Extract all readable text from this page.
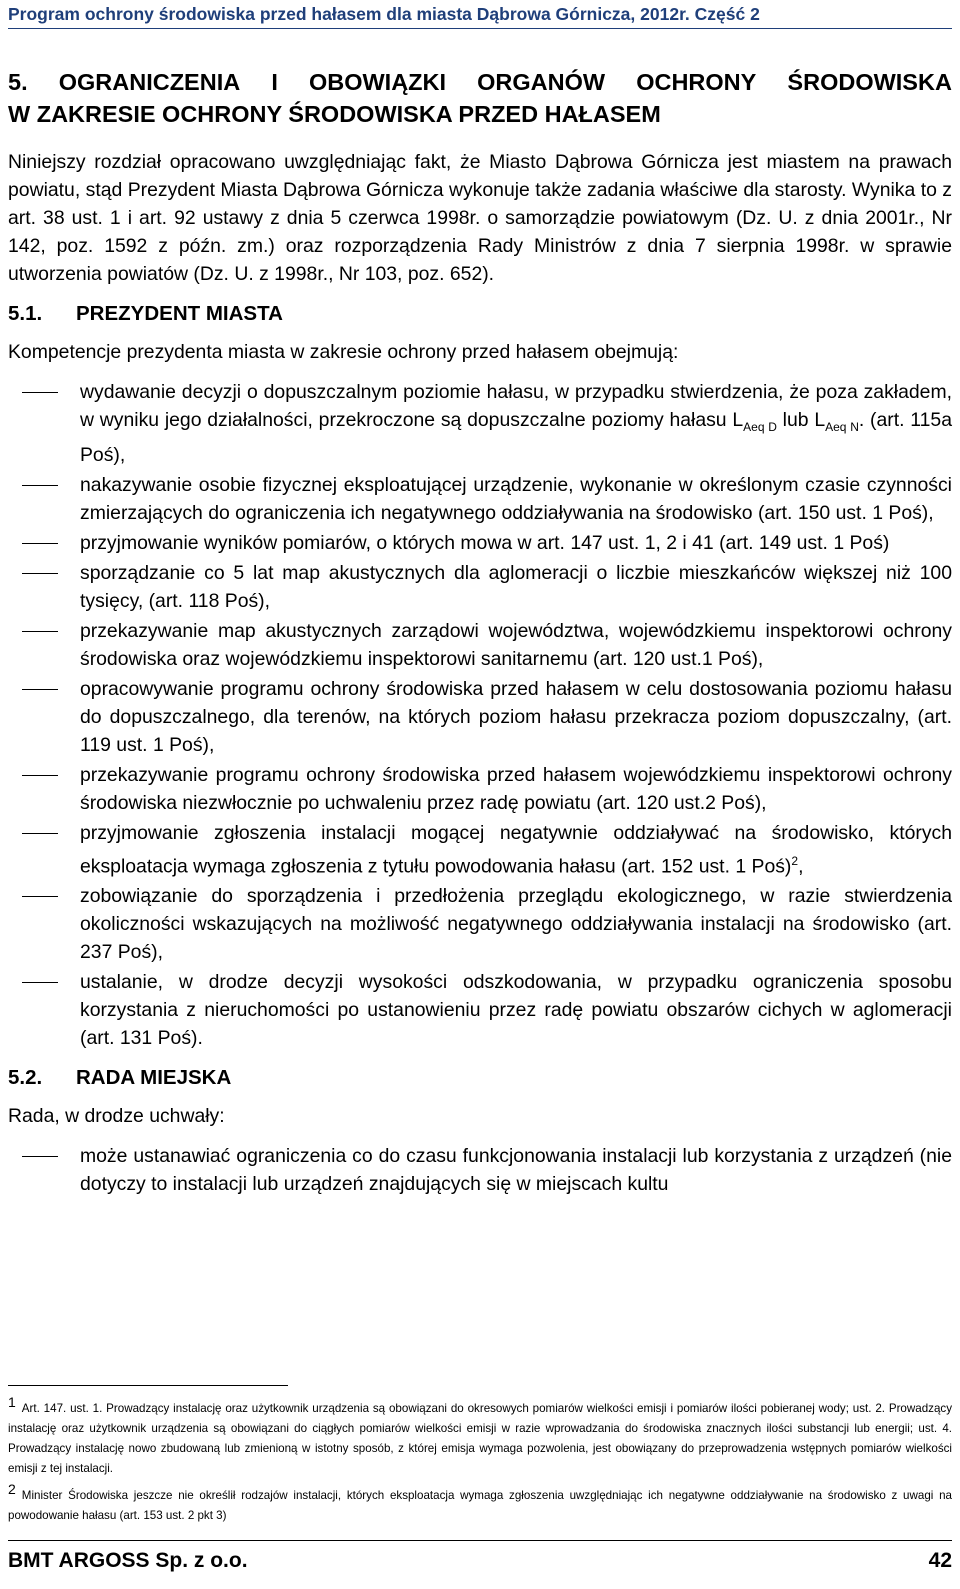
Program ochrony środowiska przed hałasem dla miasta Dąbrowa Górnicza, 2012r. Część 2
5. OGRANICZENIA I OBOWIĄZKI ORGANÓW OCHRONY ŚRODOWISKA
W ZAKRESIE OCHRONY ŚRODOWISKA PRZED HAŁASEM
Niniejszy rozdział opracowano uwzględniając fakt, że Miasto Dąbrowa Górnicza jest miastem na prawach powiatu, stąd Prezydent Miasta Dąbrowa Górnicza wykonuje także zadania właściwe dla starosty. Wynika to z art. 38 ust. 1 i art. 92 ustawy z dnia 5 czerwca 1998r. o samorządzie powiatowym (Dz. U. z dnia 2001r., Nr 142, poz. 1592 z późn. zm.) oraz rozporządzenia Rady Ministrów z dnia 7 sierpnia 1998r. w sprawie utworzenia powiatów (Dz. U. z 1998r., Nr 103, poz. 652).
5.1. PREZYDENT MIASTA
Kompetencje prezydenta miasta w zakresie ochrony przed hałasem obejmują:
wydawanie decyzji o dopuszczalnym poziomie hałasu, w przypadku stwierdzenia, że poza zakładem, w wyniku jego działalności, przekroczone są dopuszczalne poziomy hałasu $L_{Aeq D}$ lub $L_{Aeq N}$. (art. 115a Poś),
nakazywanie osobie fizycznej eksploatującej urządzenie, wykonanie w określonym czasie czynności zmierzających do ograniczenia ich negatywnego oddziaływania na środowisko (art. 150 ust. 1 Poś),
przyjmowanie wyników pomiarów, o których mowa w art. 147 ust. 1, 2 i 41 (art. 149 ust. 1 Poś)
sporządzanie co 5 lat map akustycznych dla aglomeracji o liczbie mieszkańców większej niż 100 tysięcy, (art. 118 Poś),
przekazywanie map akustycznych zarządowi województwa, wojewódzkiemu inspektorowi ochrony środowiska oraz wojewódzkiemu inspektorowi sanitarnemu (art. 120 ust.1 Poś),
opracowywanie programu ochrony środowiska przed hałasem w celu dostosowania poziomu hałasu do dopuszczalnego, dla terenów, na których poziom hałasu przekracza poziom dopuszczalny, (art. 119 ust. 1 Poś),
przekazywanie programu ochrony środowiska przed hałasem wojewódzkiemu inspektorowi ochrony środowiska niezwłocznie po uchwaleniu przez radę powiatu (art. 120 ust.2 Poś),
przyjmowanie zgłoszenia instalacji mogącej negatywnie oddziaływać na środowisko, których eksploatacja wymaga zgłoszenia z tytułu powodowania hałasu (art. 152 ust. 1 Poś)$^2$,
zobowiązanie do sporządzenia i przedłożenia przeglądu ekologicznego, w razie stwierdzenia okoliczności wskazujących na możliwość negatywnego oddziaływania instalacji na środowisko (art. 237 Poś),
ustalanie, w drodze decyzji wysokości odszkodowania, w przypadku ograniczenia sposobu korzystania z nieruchomości po ustanowieniu przez radę powiatu obszarów cichych w aglomeracji (art. 131 Poś).
5.2. RADA MIEJSKA
Rada, w drodze uchwały:
może ustanawiać ograniczenia co do czasu funkcjonowania instalacji lub korzystania z urządzeń (nie dotyczy to instalacji lub urządzeń znajdujących się w miejscach kultu
1 Art. 147. ust. 1. Prowadzący instalację oraz użytkownik urządzenia są obowiązani do okresowych pomiarów wielkości emisji i pomiarów ilości pobieranej wody; ust. 2. Prowadzący instalację oraz użytkownik urządzenia są obowiązani do ciągłych pomiarów wielkości emisji w razie wprowadzania do środowiska znacznych ilości substancji lub energii; ust. 4. Prowadzący instalację nowo zbudowaną lub zmienioną w istotny sposób, z której emisja wymaga pozwolenia, jest obowiązany do przeprowadzenia wstępnych pomiarów wielkości emisji z tej instalacji.
2 Minister Środowiska jeszcze nie określił rodzajów instalacji, których eksploatacja wymaga zgłoszenia uwzględniając ich negatywne oddziaływanie na środowisko z uwagi na powodowanie hałasu (art. 153 ust. 2 pkt 3)
BMT ARGOSS Sp. z o.o.	42
